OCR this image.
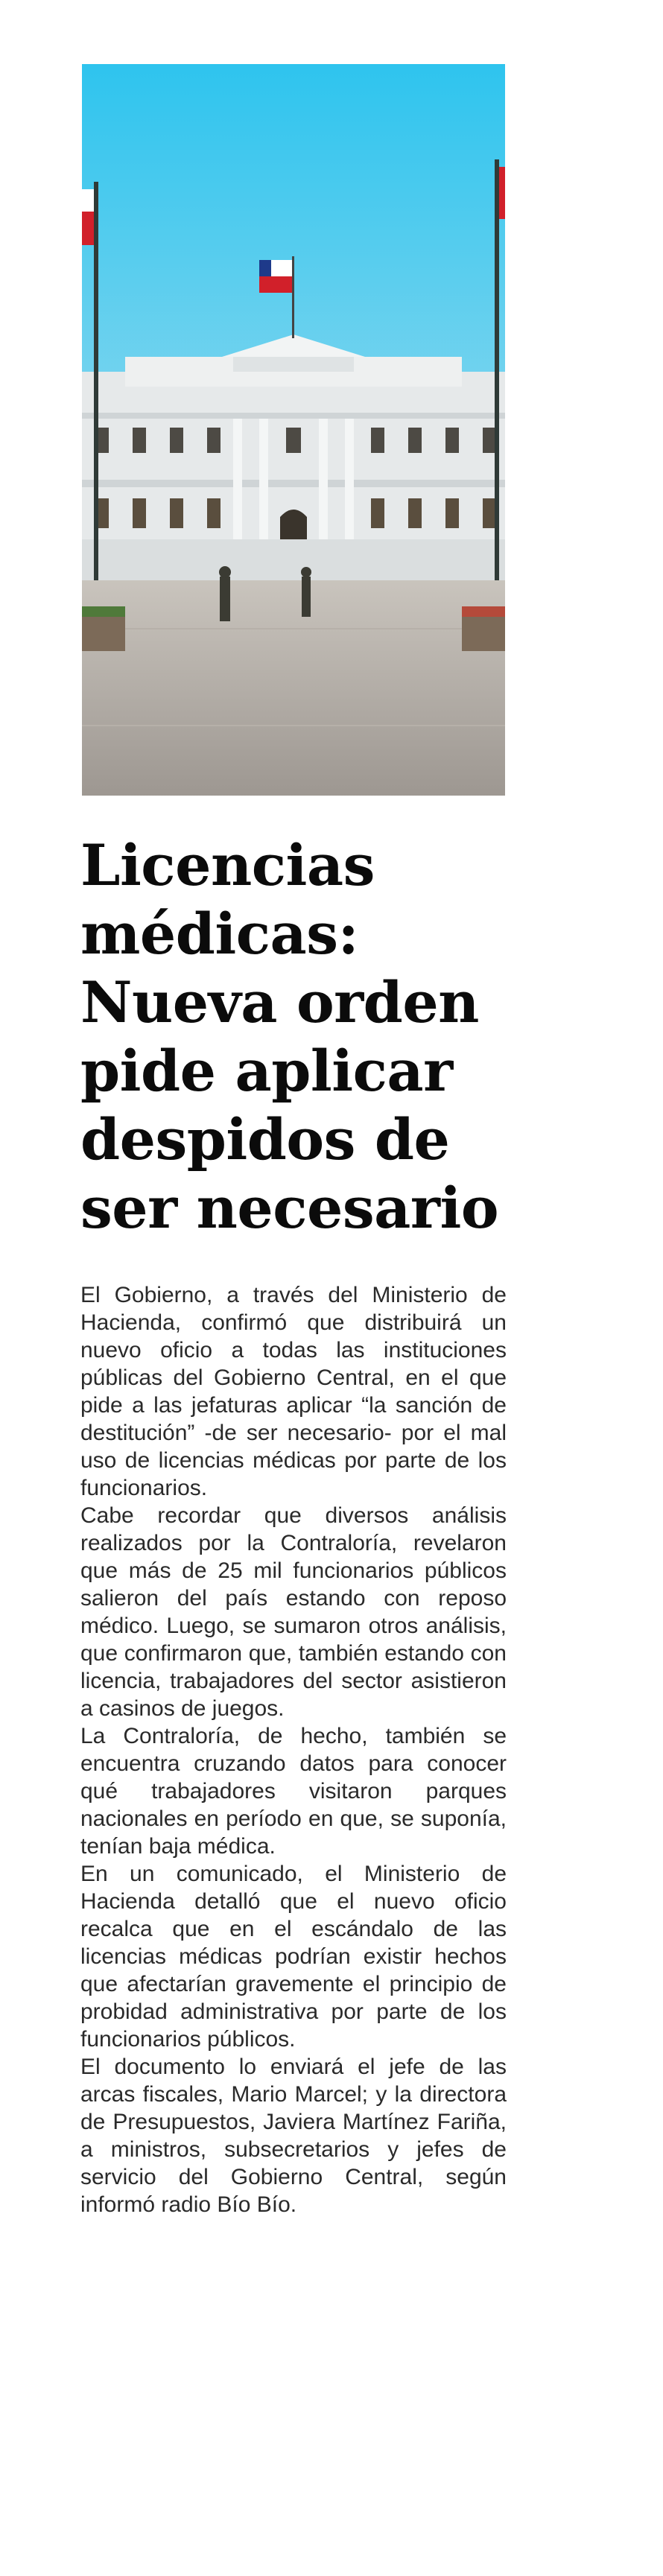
Licencias
médicas:
Nueva orden
pide aplicar
despidos de
ser necesario

El Gobierno, a través del Ministerio de Hacienda, confirmó que distribuirá un nuevo oficio a todas las instituciones públicas del Gobierno Central, en el que pide a las jefaturas aplicar “la sanción de destitución” -de ser necesario- por el mal uso de licencias médicas por parte de los funcionarios.

Cabe recordar que diversos análisis realizados por la Contraloría, revelaron que más de 25 mil funcionarios públicos salieron del país estando con reposo médico. Luego, se sumaron otros análisis, que confirmaron que, también estando con licencia, trabajadores del sector asistieron a casinos de juegos.

La Contraloría, de hecho, también se encuentra cruzando datos para conocer qué trabajadores visitaron parques nacionales en período en que, se suponía, tenían baja médica.

En un comunicado, el Ministerio de Hacienda detalló que el nuevo oficio recalca que en el escándalo de las licencias médicas podrían existir hechos que afectarían gravemente el principio de probidad administrativa por parte de los funcionarios públicos.

El documento lo enviará el jefe de las arcas fiscales, Mario Marcel; y la directora de Presupuestos, Javiera Martínez Fariña, a ministros, subsecretarios y jefes de servicio del Gobierno Central, según informó radio Bío Bío.
